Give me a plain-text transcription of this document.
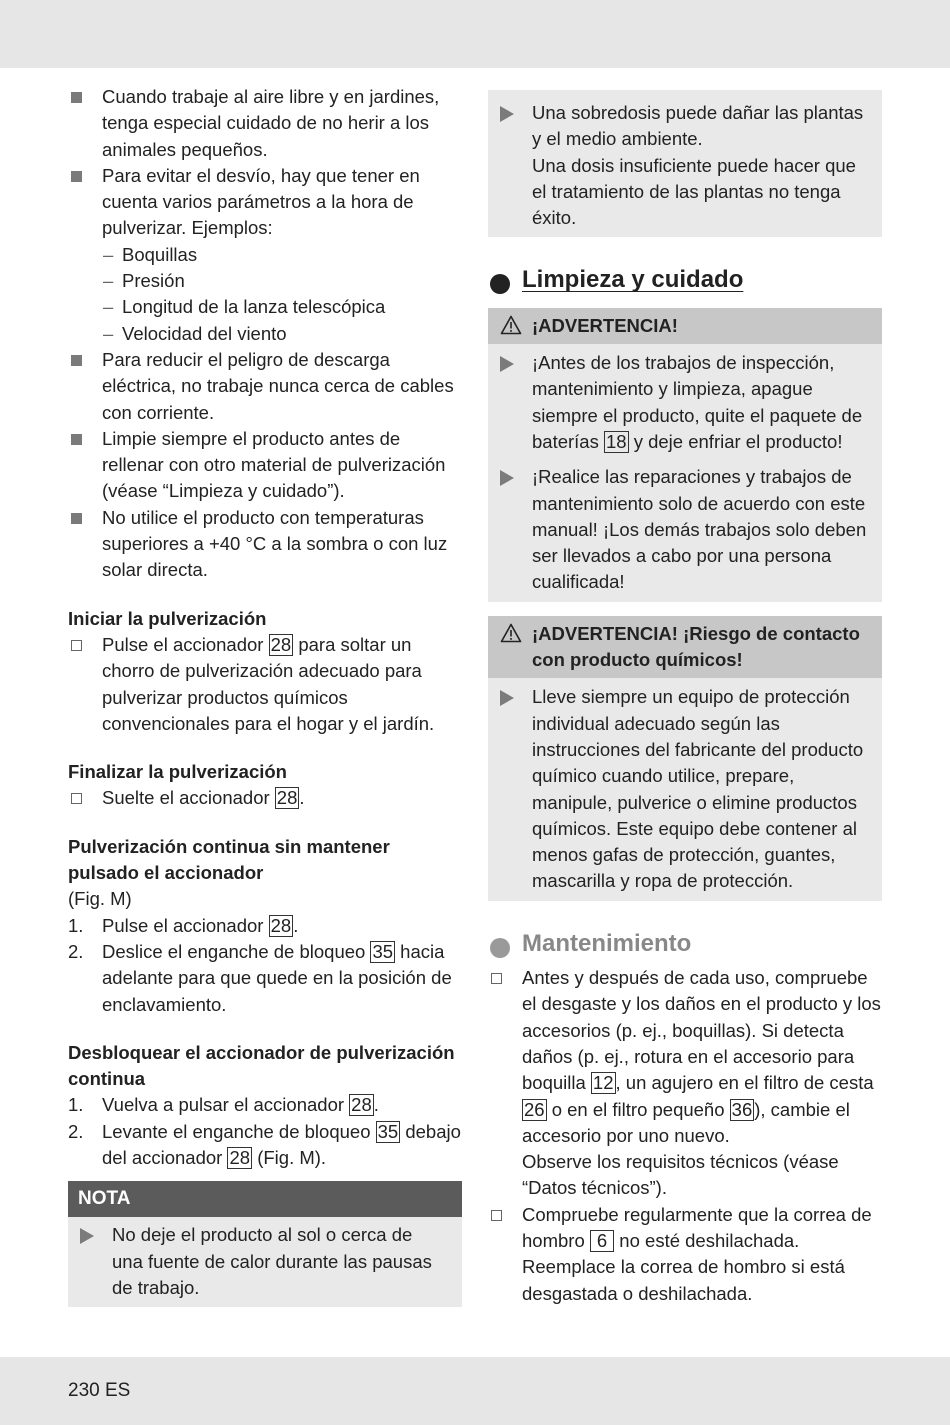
Cuando trabaje al aire libre y en jardines, tenga especial cuidado de no herir a los animales pequeños.
Para evitar el desvío, hay que tener en cuenta varios parámetros a la hora de pulverizar. Ejemplos:
– Boquillas
– Presión
– Longitud de la lanza telescópica
– Velocidad del viento
Para reducir el peligro de descarga eléctrica, no trabaje nunca cerca de cables con corriente.
Limpie siempre el producto antes de rellenar con otro material de pulverización (véase “Limpieza y cuidado”).
No utilice el producto con temperaturas superiores a +40 °C a la sombra o con luz solar directa.
Iniciar la pulverización
Pulse el accionador 28 para soltar un chorro de pulverización adecuado para pulverizar productos químicos convencionales para el hogar y el jardín.
Finalizar la pulverización
Suelte el accionador 28 .
Pulverización continua sin mantener pulsado el accionador
(Fig. M)
1. Pulse el accionador 28 .
2. Deslice el enganche de bloqueo 35 hacia adelante para que quede en la posición de enclavamiento.
Desbloquear el accionador de pulverización continua
1. Vuelva a pulsar el accionador 28 .
2. Levante el enganche de bloqueo 35 debajo del accionador 28 (Fig. M).
NOTA
No deje el producto al sol o cerca de una fuente de calor durante las pausas de trabajo.
Una sobredosis puede dañar las plantas y el medio ambiente.
Una dosis insuficiente puede hacer que el tratamiento de las plantas no tenga éxito.
Limpieza y cuidado
¡ADVERTENCIA!
¡Antes de los trabajos de inspección, mantenimiento y limpieza, apague siempre el producto, quite el paquete de baterías 18 y deje enfriar el producto!
¡Realice las reparaciones y trabajos de mantenimiento solo de acuerdo con este manual! ¡Los demás trabajos solo deben ser llevados a cabo por una persona cualificada!
¡ADVERTENCIA! ¡Riesgo de contacto con producto químicos!
Lleve siempre un equipo de protección individual adecuado según las instrucciones del fabricante del producto químico cuando utilice, prepare, manipule, pulverice o elimine productos químicos. Este equipo debe contener al menos gafas de protección, guantes, mascarilla y ropa de protección.
Mantenimiento
Antes y después de cada uso, compruebe el desgaste y los daños en el producto y los accesorios (p. ej., boquillas). Si detecta daños (p. ej., rotura en el accesorio para boquilla 12 , un agujero en el filtro de cesta 26 o en el filtro pequeño 36 ), cambie el accesorio por uno nuevo.
Observe los requisitos técnicos (véase “Datos técnicos”).
Compruebe regularmente que la correa de hombro 6 no esté deshilachada. Reemplace la correa de hombro si está desgastada o deshilachada.
230 ES
